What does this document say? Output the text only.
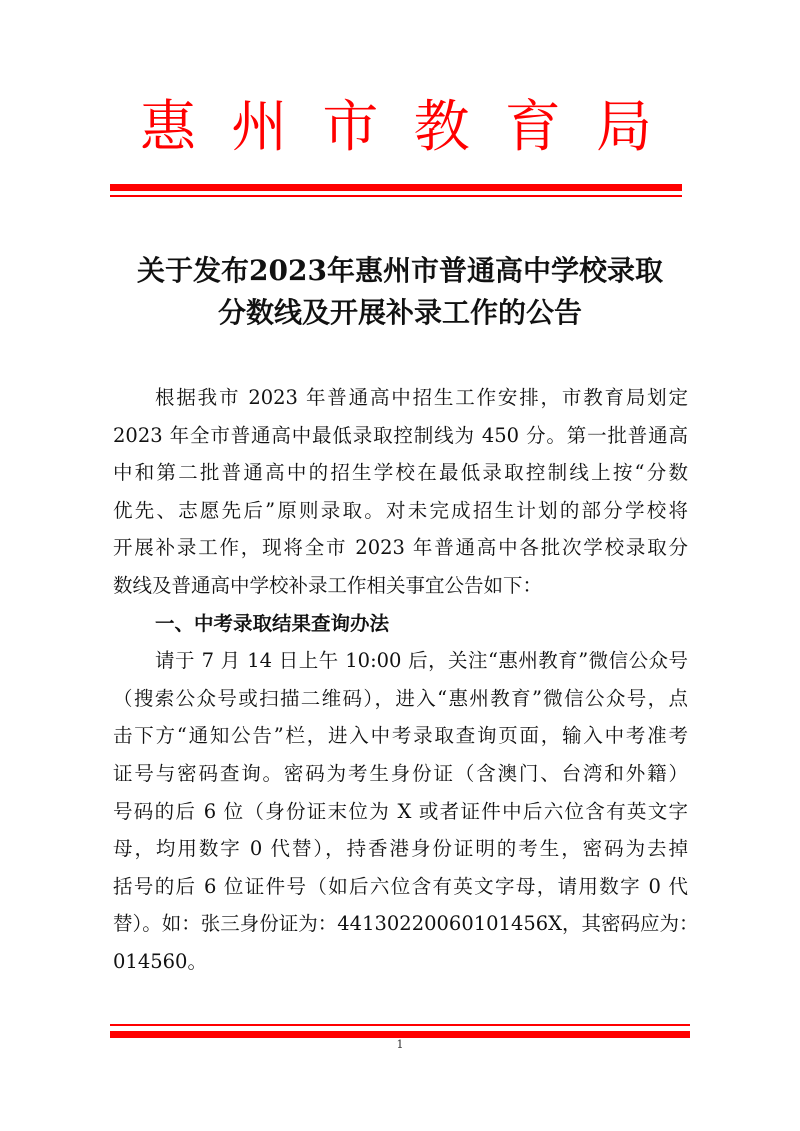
惠 州 市 教 育 局
关于发布2023年惠州市普通高中学校录取
分数线及开展补录工作的公告
根据我市 2023 年普通高中招生工作安排，市教育局划定
2023 年全市普通高中最低录取控制线为 450 分。第一批普通高
中和第二批普通高中的招生学校在最低录取控制线上按“分数
优先、志愿先后”原则录取。对未完成招生计划的部分学校将
开展补录工作，现将全市 2023 年普通高中各批次学校录取分
数线及普通高中学校补录工作相关事宜公告如下：
一、中考录取结果查询办法
请于 7 月 14 日上午 10:00 后，关注“惠州教育”微信公众号
（搜索公众号或扫描二维码），进入“惠州教育”微信公众号，点
击下方“通知公告”栏，进入中考录取查询页面，输入中考准考
证号与密码查询。密码为考生身份证（含澳门、台湾和外籍）
号码的后 6 位（身份证末位为 X 或者证件中后六位含有英文字
母，均用数字 0 代替），持香港身份证明的考生，密码为去掉
括号的后 6 位证件号（如后六位含有英文字母，请用数字 0 代
替）。如：张三身份证为：44130220060101456X，其密码应为：
014560。
1
